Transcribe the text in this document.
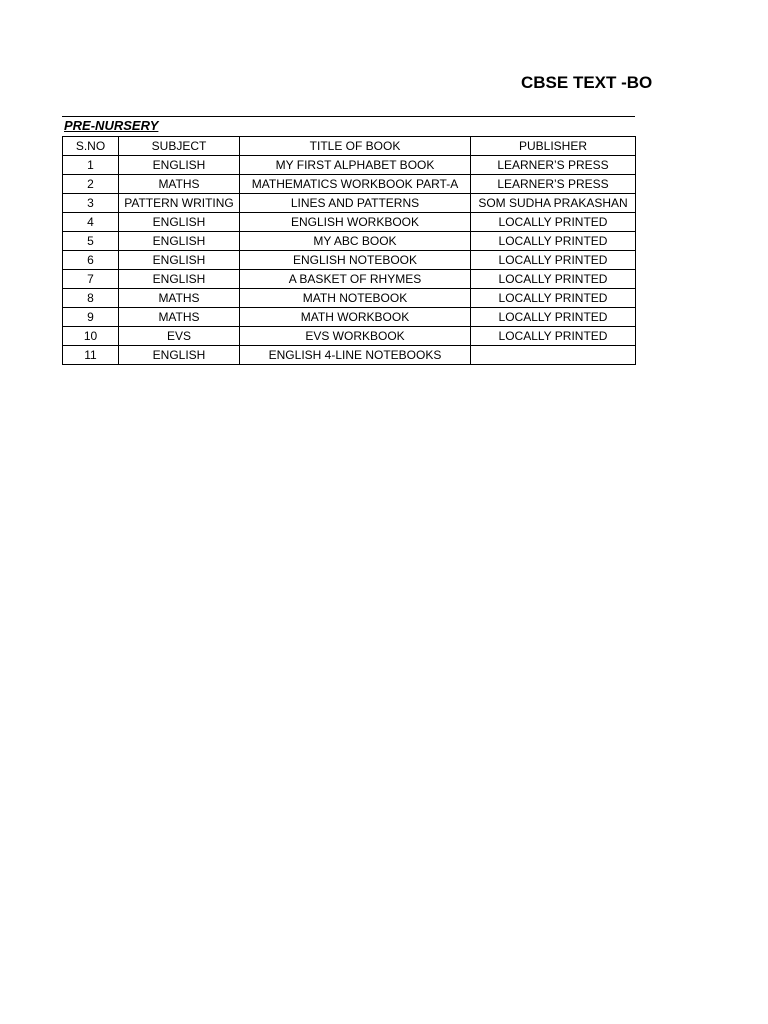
CBSE TEXT -BO
PRE-NURSERY
S.NO	SUBJECT	TITLE OF BOOK	PUBLISHER
1	ENGLISH	MY FIRST ALPHABET BOOK	LEARNER’S PRESS
2	MATHS	MATHEMATICS WORKBOOK PART-A	LEARNER’S PRESS
3	PATTERN WRITING	LINES AND PATTERNS	SOM SUDHA PRAKASHAN
4	ENGLISH	ENGLISH WORKBOOK	LOCALLY PRINTED
5	ENGLISH	MY ABC BOOK	LOCALLY PRINTED
6	ENGLISH	ENGLISH NOTEBOOK	LOCALLY PRINTED
7	ENGLISH	A BASKET OF RHYMES	LOCALLY PRINTED
8	MATHS	MATH NOTEBOOK	LOCALLY PRINTED
9	MATHS	MATH WORKBOOK	LOCALLY PRINTED
10	EVS	EVS WORKBOOK	LOCALLY PRINTED
11	ENGLISH	ENGLISH 4-LINE NOTEBOOKS	
